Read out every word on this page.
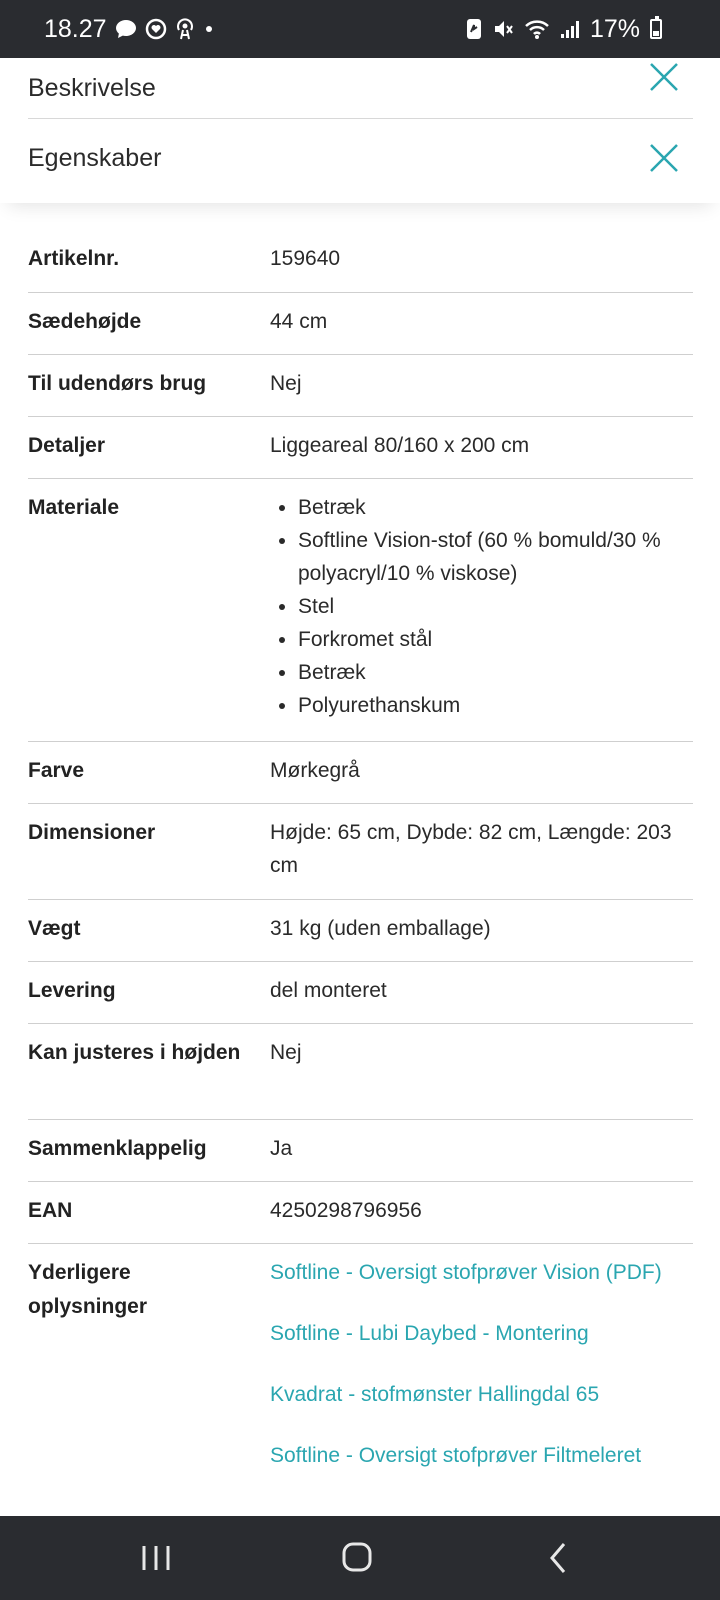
18.27	17%
Beskrivelse
Egenskaber
Artikelnr.	159640
Sædehøjde	44 cm
Til udendørs brug	Nej
Detaljer	Liggeareal 80/160 x 200 cm
Materiale
•	Betræk
• Softline Vision-stof (60 % bomuld/30 % polyacryl/10 % viskose)
• Stel
• Forkromet stål
• Betræk
• Polyurethanskum
Farve	Mørkegrå
Dimensioner	Højde: 65 cm, Dybde: 82 cm, Længde: 203 cm
Vægt	31 kg (uden emballage)
Levering	del monteret
Kan justeres i højden	Nej
Sammenklappelig	Ja
EAN	4250298796956
Yderligere oplysninger
Softline - Oversigt stofprøver Vision (PDF)
Softline - Lubi Daybed - Montering
Kvadrat - stofmønster Hallingdal 65
Softline - Oversigt stofprøver Filtmeleret
